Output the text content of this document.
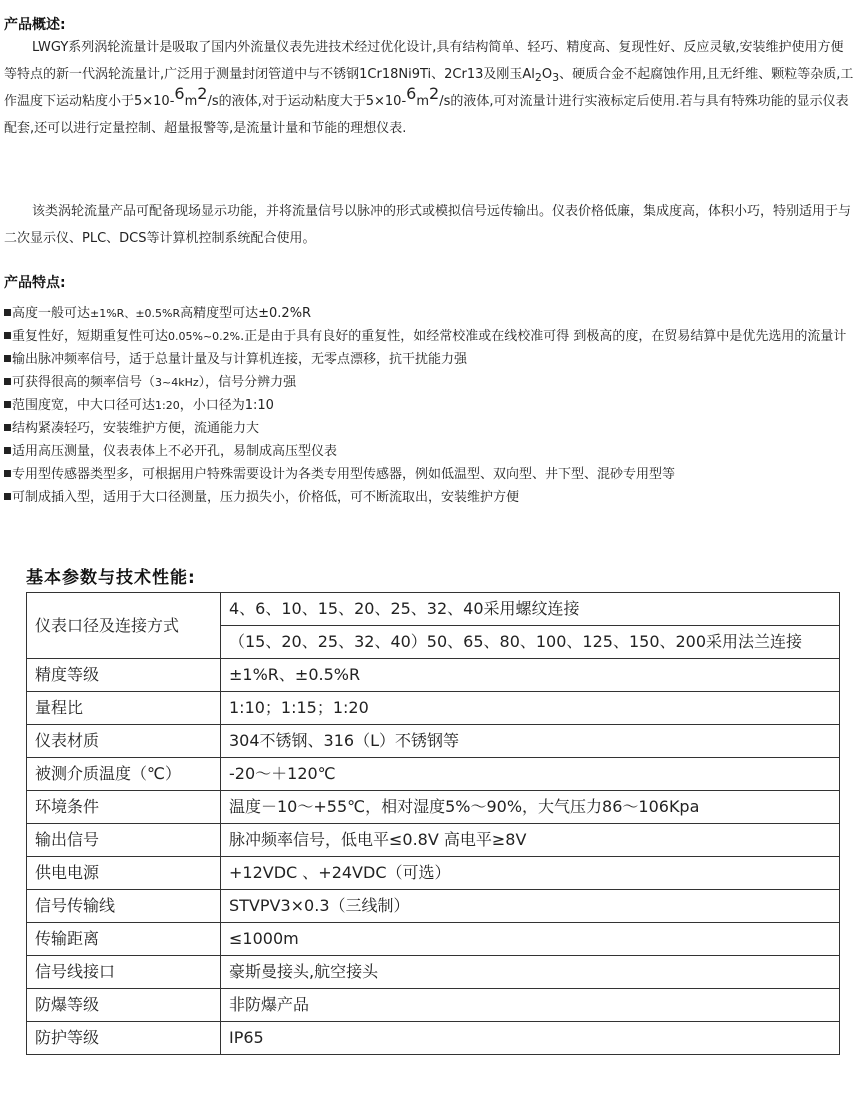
产品概述:

LWGY系列涡轮流量计是吸取了国内外流量仪表先进技术经过优化设计,具有结构简单、轻巧、精度高、复现性好、反应灵敏,安装维护使用方便等特点的新一代涡轮流量计,广泛用于测量封闭管道中与不锈钢1Cr18Ni9Ti、2Cr13及刚玉$Al_2O_3$、硬质合金不起腐蚀作用,且无纤维、颗粒等杂质,工作温度下运动粘度小于$5\times 10-^6m^2/s$的液体,对于运动粘度大于$5\times 10-^6m^2/s$的液体,可对流量计进行实液标定后使用.若与具有特殊功能的显示仪表配套,还可以进行定量控制、超量报警等,是流量计量和节能的理想仪表.

该类涡轮流量产品可配备现场显示功能，并将流量信号以脉冲的形式或模拟信号远传输出。仪表价格低廉，集成度高，体积小巧，特别适用于与二次显示仪、PLC、DCS等计算机控制系统配合使用。

产品特点:
高度一般可达±1%R、±0.5%R高精度型可达±0.2%R
重复性好，短期重复性可达0.05%~0.2%.正是由于具有良好的重复性，如经常校准或在线校准可得 到极高的度，在贸易结算中是优先选用的流量计
输出脉冲频率信号，适于总量计量及与计算机连接，无零点漂移，抗干扰能力强
可获得很高的频率信号（3~4kHz），信号分辨力强
范围度宽，中大口径可达1:20，小口径为1:10
结构紧凑轻巧，安装维护方便，流通能力大
适用高压测量，仪表表体上不必开孔，易制成高压型仪表
专用型传感器类型多，可根据用户特殊需要设计为各类专用型传感器，例如低温型、双向型、井下型、混砂专用型等
可制成插入型，适用于大口径测量，压力损失小，价格低，可不断流取出，安装维护方便
基本参数与技术性能:
仪表口径及连接方式	4、6、10、15、20、25、32、40采用螺纹连接
	（15、20、25、32、40）50、65、80、100、125、150、200采用法兰连接
精度等级	±1%R、±0.5%R
量程比	1:10；1:15；1:20
仪表材质	304不锈钢、316（L）不锈钢等
被测介质温度（℃）	-20～＋120℃
环境条件	温度－10～+55℃，相对湿度5%～90%，大气压力86～106Kpa
输出信号	脉冲频率信号，低电平≤0.8V 高电平≥8V
供电电源	+12VDC 、+24VDC（可选）
信号传输线	STVPV3×0.3（三线制）
传输距离	≤1000m
信号线接口	豪斯曼接头,航空接头
防爆等级	非防爆产品
防护等级	IP65
